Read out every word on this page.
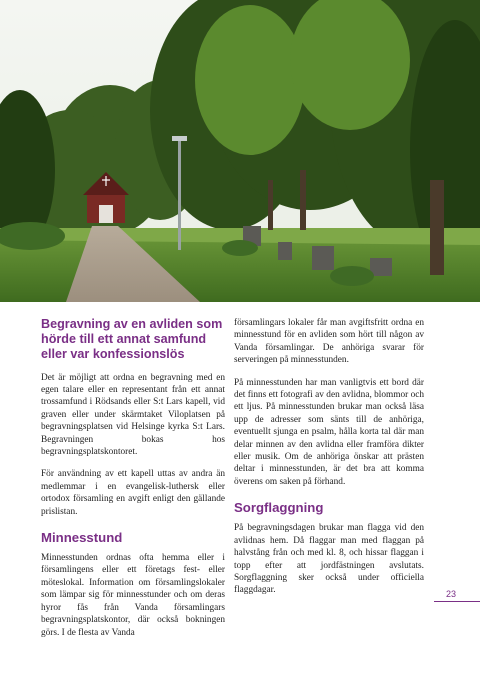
Begravning av en avliden som hörde till ett annat samfund eller var konfessionslös

Det är möjligt att ordna en begravning med en egen talare eller en representant från ett annat trossamfund i Rödsands eller S:t Lars kapell, vid graven eller under skärmtaket Viloplatsen på begravningsplatsen vid Helsinge kyrka S:t Lars. Begravningen bokas hos begravningsplatskontoret.

För användning av ett kapell uttas av andra än medlemmar i en evangelisk-luthersk eller ortodox församling en avgift enligt den gällande prislistan.

Minnesstund

Minnesstunden ordnas ofta hemma eller i församlingens eller ett företags fest- eller möteslokal. Information om församlingslokaler som lämpar sig för minnesstunder och om deras hyror fås från Vanda församlingars begravningsplatskontor, där också bokningen görs. I de flesta av Vanda

församlingars lokaler får man avgiftsfritt ordna en minnesstund för en avliden som hört till någon av Vanda församlingar. De anhöriga svarar för serveringen på minnesstunden.

På minnesstunden har man vanligtvis ett bord där det finns ett fotografi av den avlidna, blommor och ett ljus. På minnesstunden brukar man också läsa upp de adresser som sänts till de anhöriga, eventuellt sjunga en psalm, hålla korta tal där man delar minnen av den avlidna eller framföra dikter eller musik. Om de anhöriga önskar att prästen deltar i minnesstunden, är det bra att komma överens om saken på förhand.

Sorgflaggning

På begravningsdagen brukar man flagga vid den avlidnas hem. Då flaggar man med flaggan på halvstång från och med kl. 8, och hissar flaggan i topp efter att jordfästningen avslutats. Sorgflaggning sker också under officiella flaggdagar.	23
